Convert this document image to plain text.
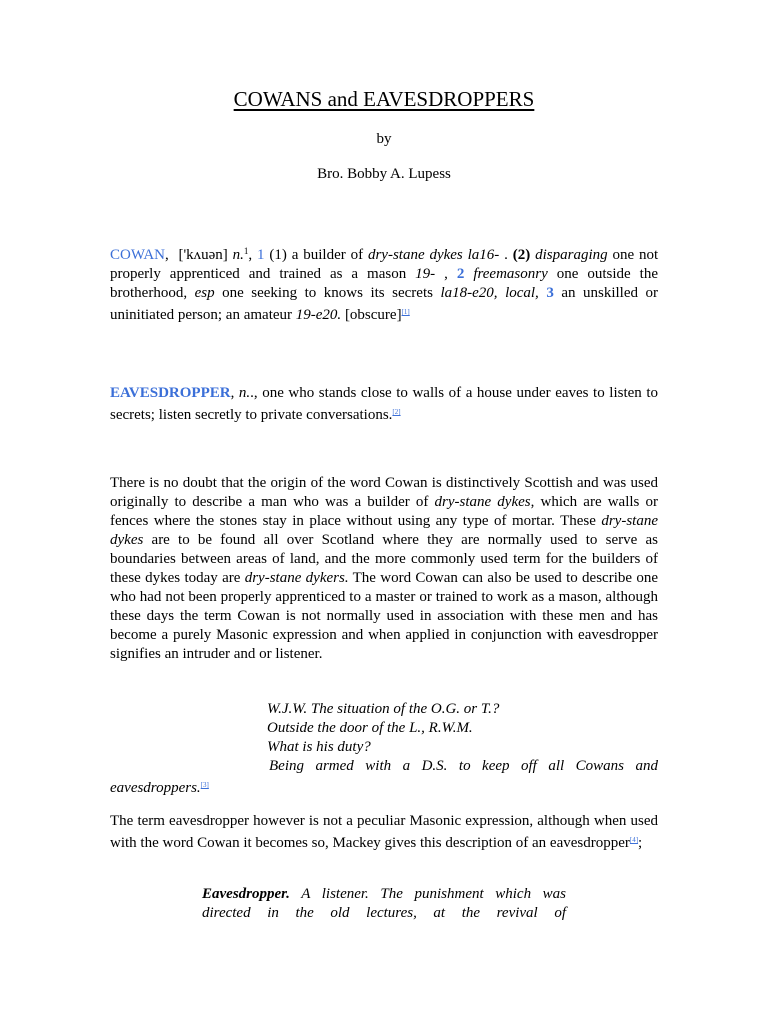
COWANS and EAVESDROPPERS

by

Bro. Bobby A. Lupess

COWAN, ['kʌuən] n.$^1$, 1 (1) a builder of dry-stane dykes la16- . (2) disparaging one not properly apprenticed and trained as a mason 19- , 2 freemasonry one outside the brotherhood, esp one seeking to knows its secrets la18-e20, local, 3 an unskilled or uninitiated person; an amateur 19-e20. [obscure][1]

EAVESDROPPER, n.., one who stands close to walls of a house under eaves to listen to secrets; listen secretly to private conversations.[2]

There is no doubt that the origin of the word Cowan is distinctively Scottish and was used originally to describe a man who was a builder of dry-stane dykes, which are walls or fences where the stones stay in place without using any type of mortar. These dry-stane dykes are to be found all over Scotland where they are normally used to serve as boundaries between areas of land, and the more commonly used term for the builders of these dykes today are dry-stane dykers. The word Cowan can also be used to describe one who had not been properly apprenticed to a master or trained to work as a mason, although these days the term Cowan is not normally used in association with these men and has become a purely Masonic expression and when applied in conjunction with eavesdropper signifies an intruder and or listener.

W.J.W. The situation of the O.G. or T.?

Outside the door of the L., R.W.M.

What is his duty?

Being armed with a D.S. to keep off all Cowans and

eavesdroppers.[3]

The term eavesdropper however is not a peculiar Masonic expression, although when used with the word Cowan it becomes so, Mackey gives this description of an eavesdropper[4];

Eavesdropper. A listener. The punishment which was directed in the old lectures, at the revival of
